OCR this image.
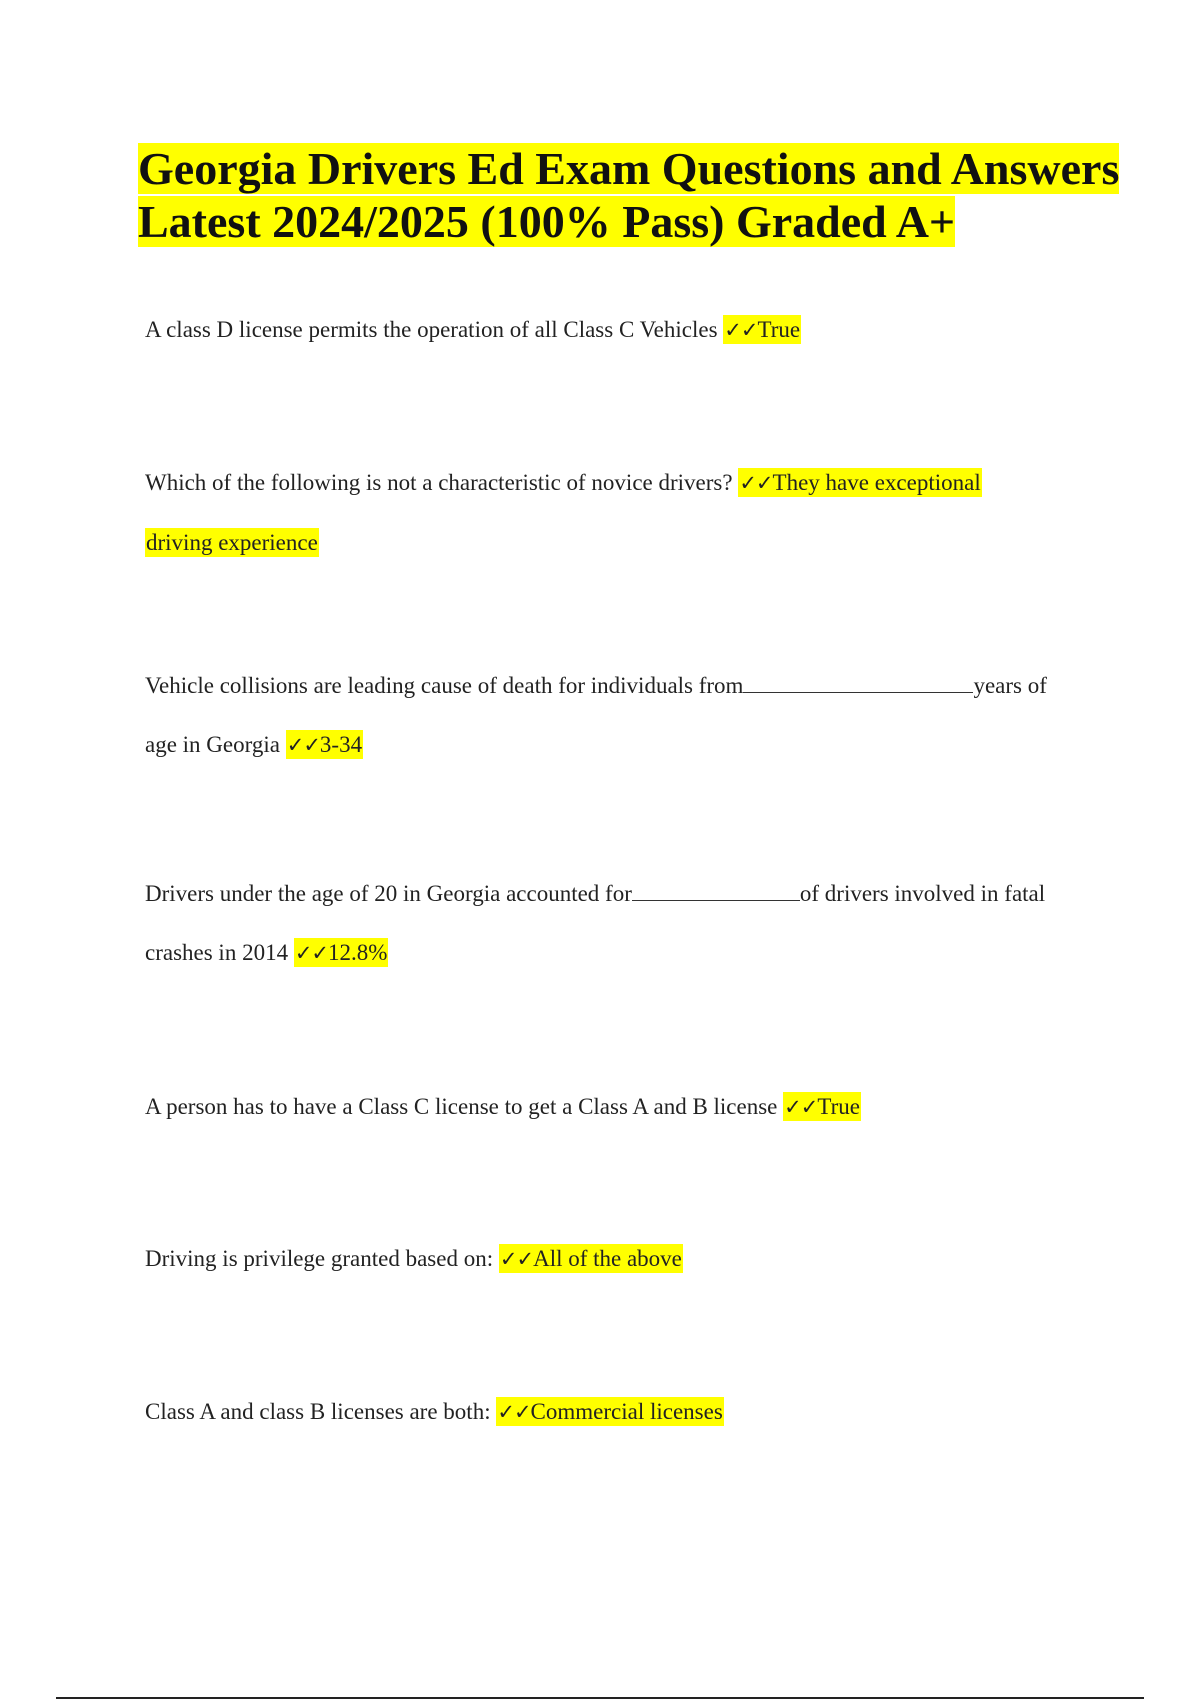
Georgia Drivers Ed Exam Questions and Answers
Latest 2024/2025 (100% Pass) Graded A+

A class D license permits the operation of all Class C Vehicles ✓✓True

Which of the following is not a characteristic of novice drivers? ✓✓They have exceptional
driving experience

Vehicle collisions are leading cause of death for individuals from	years of
age in Georgia ✓✓3-34

Drivers under the age of 20 in Georgia accounted for	of drivers involved in fatal
crashes in 2014 ✓✓12.8%

A person has to have a Class C license to get a Class A and B license ✓✓True

Driving is privilege granted based on: ✓✓All of the above

Class A and class B licenses are both: ✓✓Commercial licenses
